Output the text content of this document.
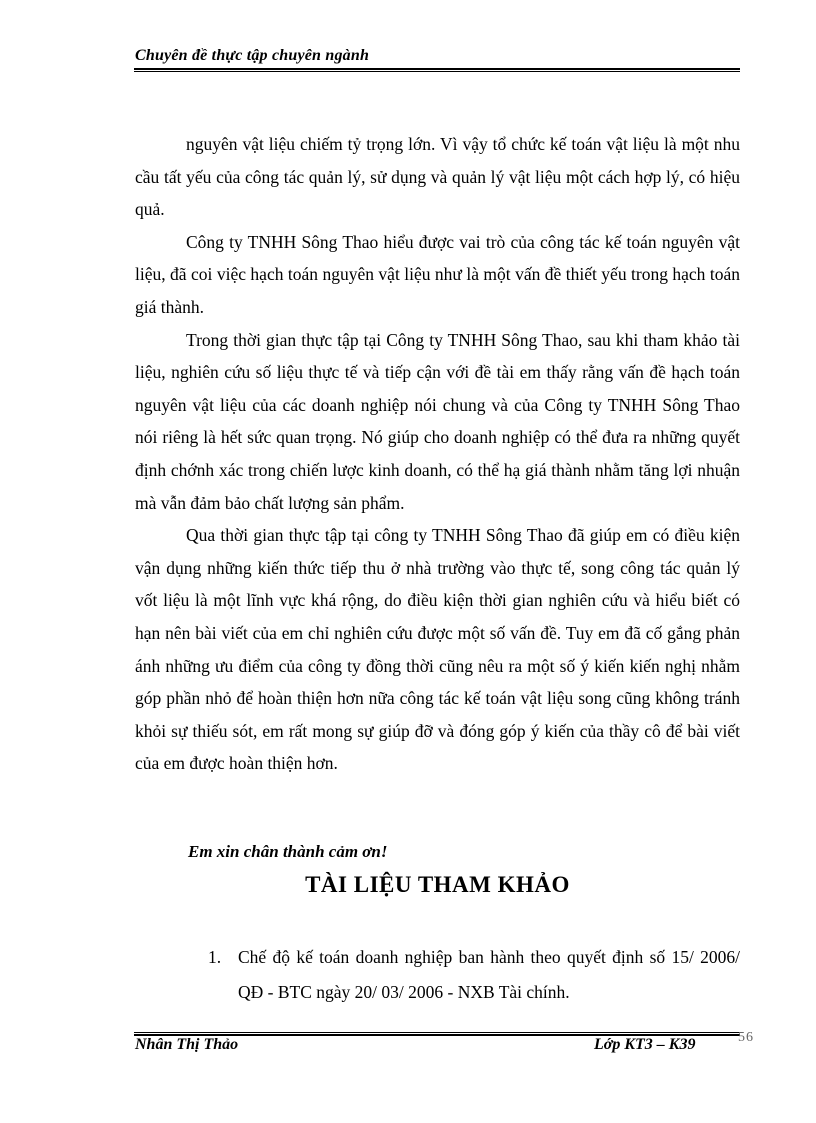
Chuyên đề thực tập chuyên ngành

nguyên vật liệu chiếm tỷ trọng lớn. Vì vậy tổ chức kế toán vật liệu là một nhu cầu tất yếu của công tác quản lý, sử dụng và quản lý vật liệu một cách hợp lý, có hiệu quả.

Công ty TNHH Sông Thao hiểu được vai trò của công tác kế toán nguyên vật liệu, đã coi việc hạch toán nguyên vật liệu như là một vấn đề thiết yếu trong hạch toán giá thành.

Trong thời gian thực tập tại Công ty TNHH Sông Thao, sau khi tham khảo tài liệu, nghiên cứu số liệu thực tế và tiếp cận với đề tài em thấy rằng vấn đề hạch toán nguyên vật liệu của các doanh nghiệp nói chung và của Công ty TNHH Sông Thao nói riêng là hết sức quan trọng. Nó giúp cho doanh nghiệp có thể đưa ra những quyết định chớnh xác trong chiến lược kinh doanh, có thể hạ giá thành nhằm tăng lợi nhuận mà vẫn đảm bảo chất lượng sản phẩm.

Qua thời gian thực tập tại công ty TNHH Sông Thao đã giúp em có điều kiện vận dụng những kiến thức tiếp thu ở nhà trường vào thực tế, song công tác quản lý vốt liệu là một lĩnh vực khá rộng, do điều kiện thời gian nghiên cứu và hiểu biết có hạn nên bài viết của em chỉ nghiên cứu được một số vấn đề. Tuy em đã cố gắng phản ánh những ưu điểm của công ty đồng thời cũng nêu ra một số ý kiến kiến nghị nhằm góp phần nhỏ để hoàn thiện hơn nữa công tác kế toán vật liệu song cũng không tránh khỏi sự thiếu sót, em rất mong sự giúp đỡ và đóng góp ý kiến của thầy cô để bài viết của em được hoàn thiện hơn.

Em xin chân thành cảm ơn!
TÀI LIỆU THAM KHẢO
1. Chế độ kế toán doanh nghiệp ban hành theo quyết định số 15/ 2006/ QĐ - BTC ngày 20/ 03/ 2006 - NXB Tài chính.
Nhân Thị Thảo	Lớp KT3 – K39	56
